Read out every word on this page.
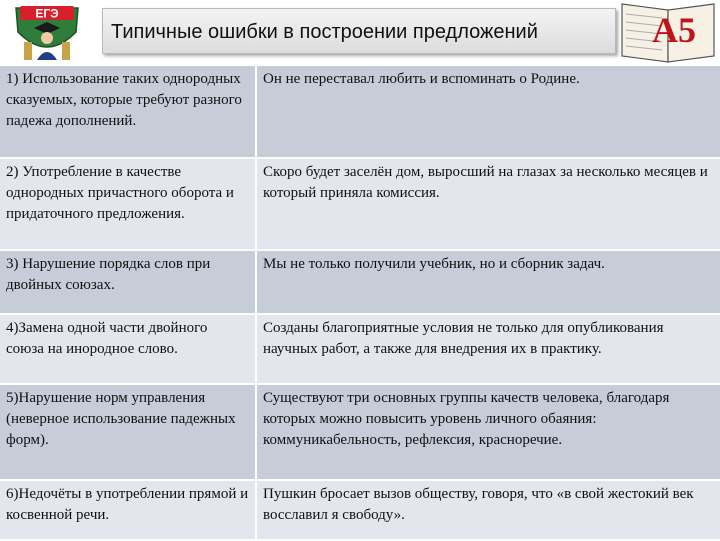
ЕГЭ
Типичные ошибки в построении предложений	А5
1) Использование таких однородных сказуемых, которые требуют разного падежа дополнений.	Он не переставал любить и вспоминать о Родине.
2) Употребление в качестве однородных причастного оборота и придаточного предложения.	Скоро будет заселён дом, выросший на глазах за несколько месяцев и который приняла комиссия.
3) Нарушение порядка слов при двойных союзах.	Мы не только получили учебник, но и сборник задач.
4)Замена одной части двойного союза на инородное слово.	Созданы благоприятные условия не только для опубликования научных работ, а также для внедрения их в практику.
5)Нарушение норм управления (неверное использование падежных форм).	Существуют три основных группы качеств человека, благодаря которых можно повысить уровень личного обаяния: коммуникабельность, рефлексия, красноречие.
6)Недочёты в употреблении прямой и косвенной речи.	Пушкин бросает вызов обществу, говоря, что «в свой жестокий век восславил я свободу».
